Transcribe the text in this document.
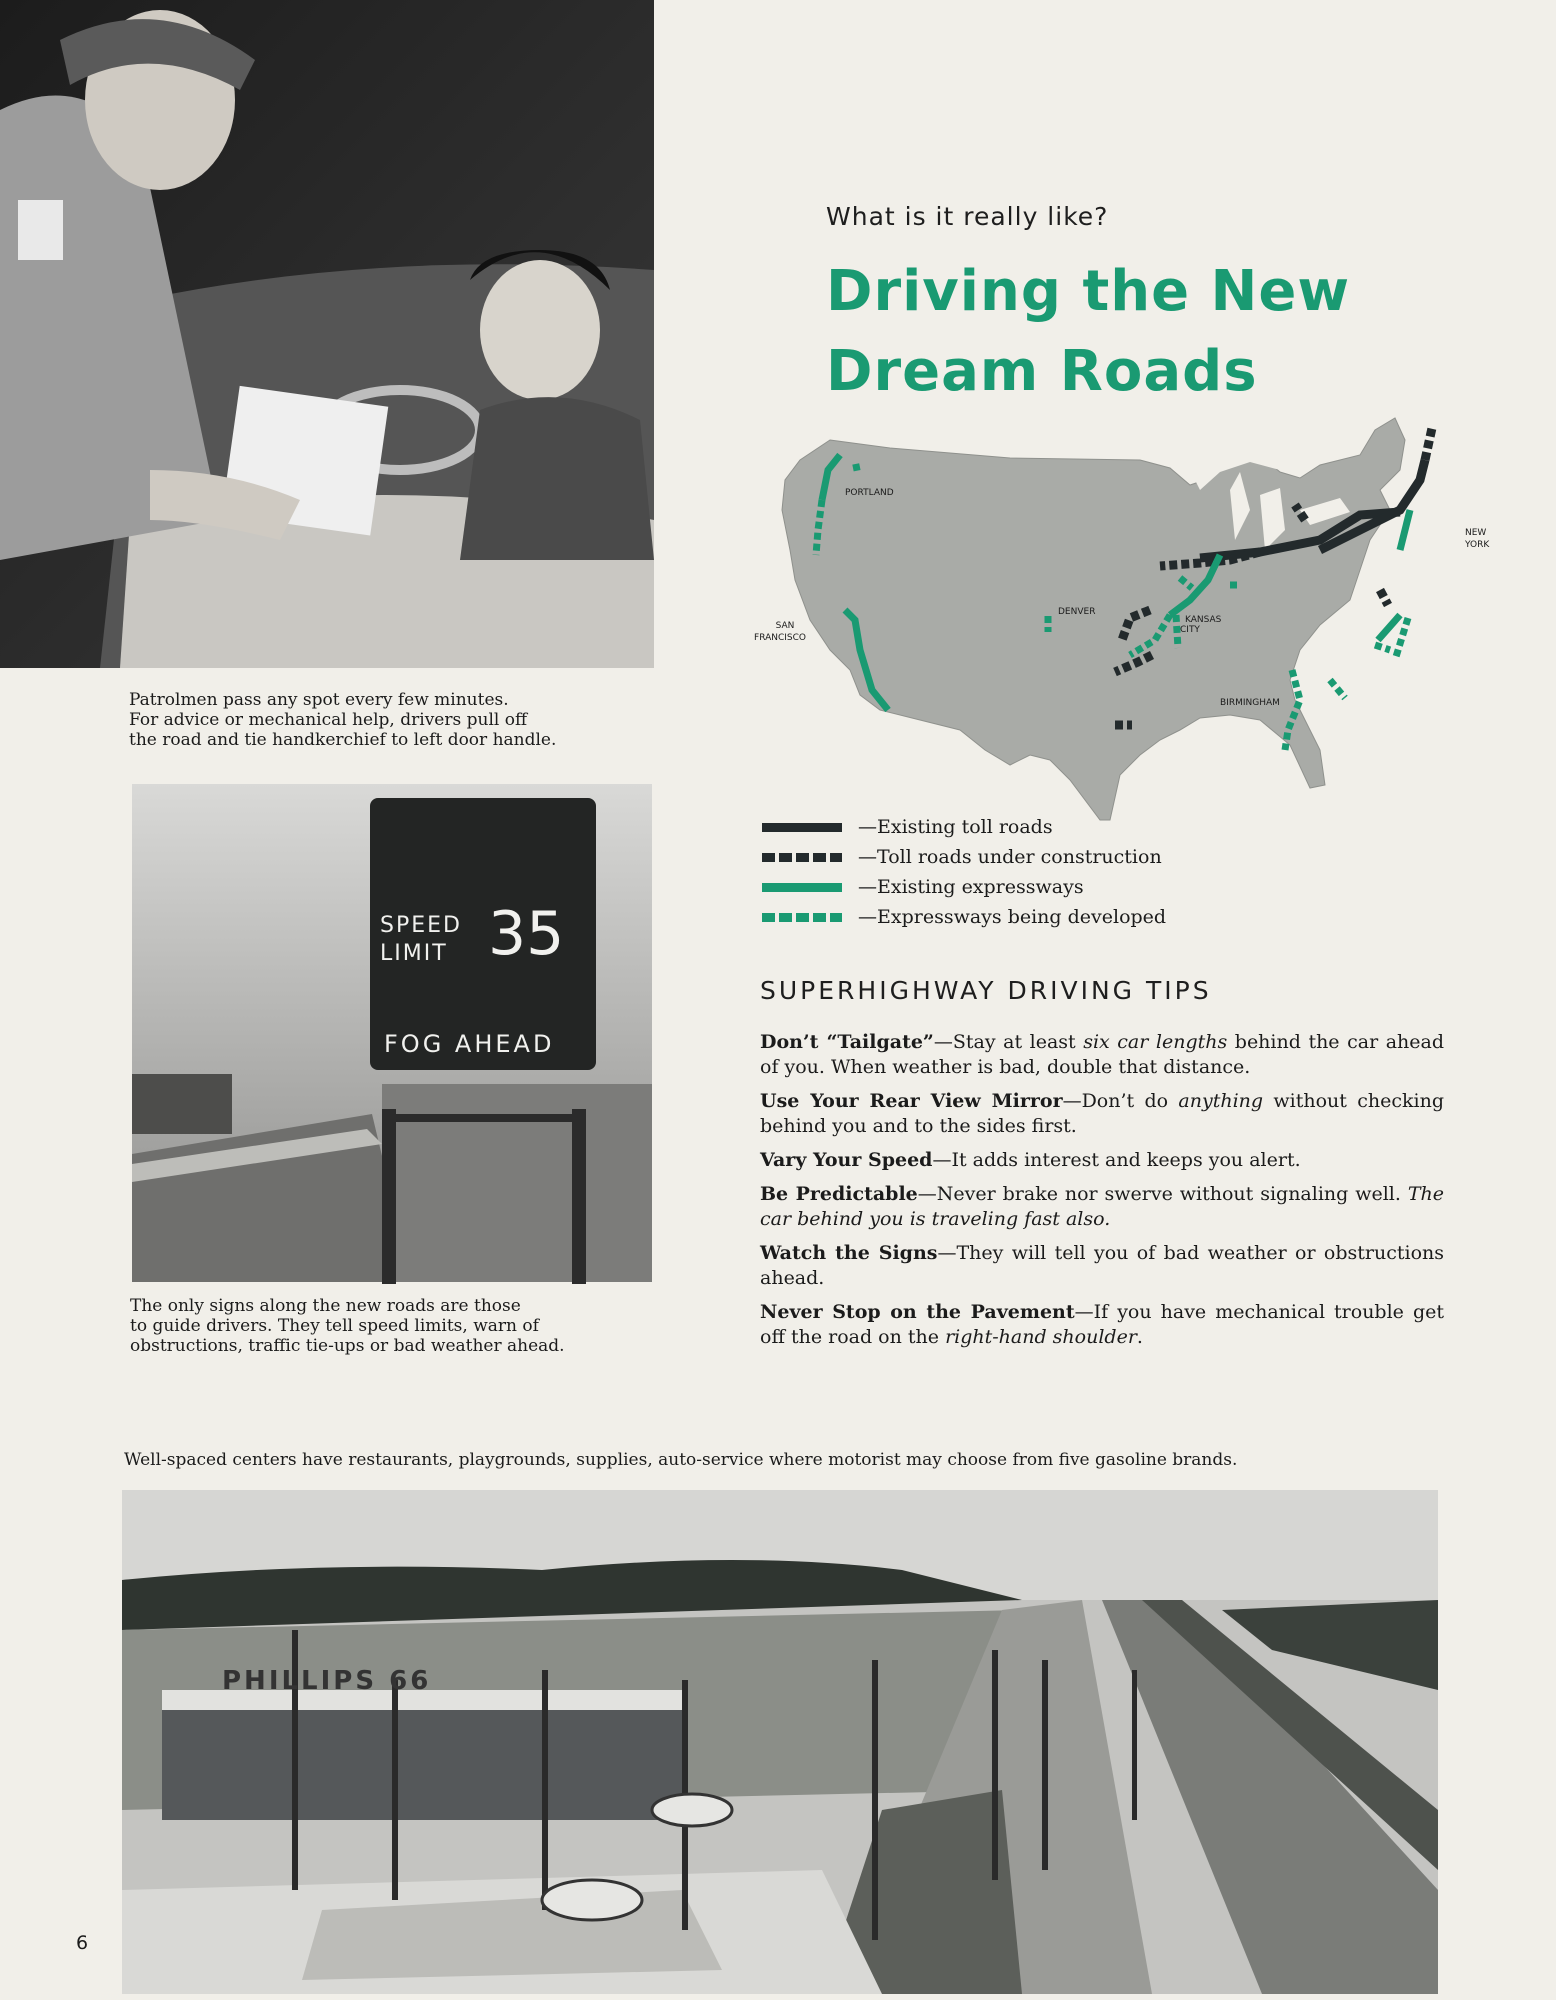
Patrolmen pass any spot every few minutes.
For advice or mechanical help, drivers pull off
the road and tie handkerchief to left door handle.
SPEED
LIMIT 35
FOG AHEAD
The only signs along the new roads are those
to guide drivers. They tell speed limits, warn of
obstructions, traffic tie-ups or bad weather ahead.
What is it really like?
Driving the New
Dream Roads
PORTLAND
SAN
FRANCISCO
DENVER
KANSAS
CITY
BIRMINGHAM
NEW
YORK
—Existing toll roads
—Toll roads under construction
—Existing expressways
—Expressways being developed
SUPERHIGHWAY DRIVING TIPS
Don’t “Tailgate”—Stay at least six car lengths behind the car ahead of you. When weather is bad, double that distance.
Use Your Rear View Mirror—Don’t do anything without checking behind you and to the sides first.
Vary Your Speed—It adds interest and keeps you alert.
Be Predictable—Never brake nor swerve without signaling well. The car behind you is traveling fast also.
Watch the Signs—They will tell you of bad weather or obstructions ahead.
Never Stop on the Pavement—If you have mechanical trouble get off the road on the right-hand shoulder.
Well-spaced centers have restaurants, playgrounds, supplies, auto-service where motorist may choose from five gasoline brands.
PHILLIPS 66
6
